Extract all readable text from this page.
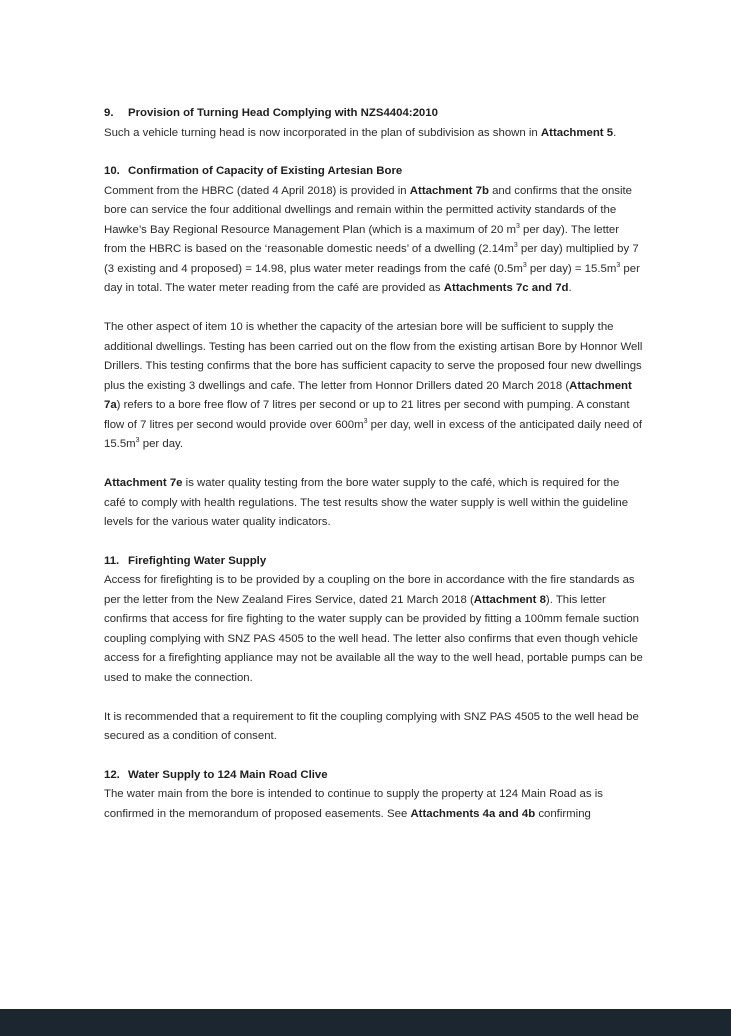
9. Provision of Turning Head Complying with NZS4404:2010

Such a vehicle turning head is now incorporated in the plan of subdivision as shown in Attachment 5.

10. Confirmation of Capacity of Existing Artesian Bore

Comment from the HBRC (dated 4 April 2018) is provided in Attachment 7b and confirms that the onsite bore can service the four additional dwellings and remain within the permitted activity standards of the Hawke’s Bay Regional Resource Management Plan (which is a maximum of 20 $m^3$ per day). The letter from the HBRC is based on the ‘reasonable domestic needs’ of a dwelling ($2.14m^3$ per day) multiplied by 7 (3 existing and 4 proposed) = 14.98, plus water meter readings from the café ($0.5m^3$ per $day) = 15.5m^3$ per day in total. The water meter reading from the café are provided as Attachments 7c and 7d.

The other aspect of item 10 is whether the capacity of the artesian bore will be sufficient to supply the additional dwellings. Testing has been carried out on the flow from the existing artisan Bore by Honnor Well Drillers. This testing confirms that the bore has sufficient capacity to serve the proposed four new dwellings plus the existing 3 dwellings and cafe. The letter from Honnor Drillers dated 20 March 2018 (Attachment 7a) refers to a bore free flow of 7 litres per second or up to 21 litres per second with pumping. A constant flow of 7 litres per second would provide over $600m^3$ per day, well in excess of the anticipated daily need of $15.5m^3$ per day.

Attachment 7e is water quality testing from the bore water supply to the café, which is required for the café to comply with health regulations. The test results show the water supply is well within the guideline levels for the various water quality indicators.

11. Firefighting Water Supply

Access for firefighting is to be provided by a coupling on the bore in accordance with the fire standards as per the letter from the New Zealand Fires Service, dated 21 March 2018 (Attachment 8). This letter confirms that access for fire fighting to the water supply can be provided by fitting a 100mm female suction coupling complying with SNZ PAS 4505 to the well head. The letter also confirms that even though vehicle access for a firefighting appliance may not be available all the way to the well head, portable pumps can be used to make the connection.

It is recommended that a requirement to fit the coupling complying with SNZ PAS 4505 to the well head be secured as a condition of consent.

12. Water Supply to 124 Main Road Clive

The water main from the bore is intended to continue to supply the property at 124 Main Road as is confirmed in the memorandum of proposed easements. See Attachments 4a and 4b confirming
